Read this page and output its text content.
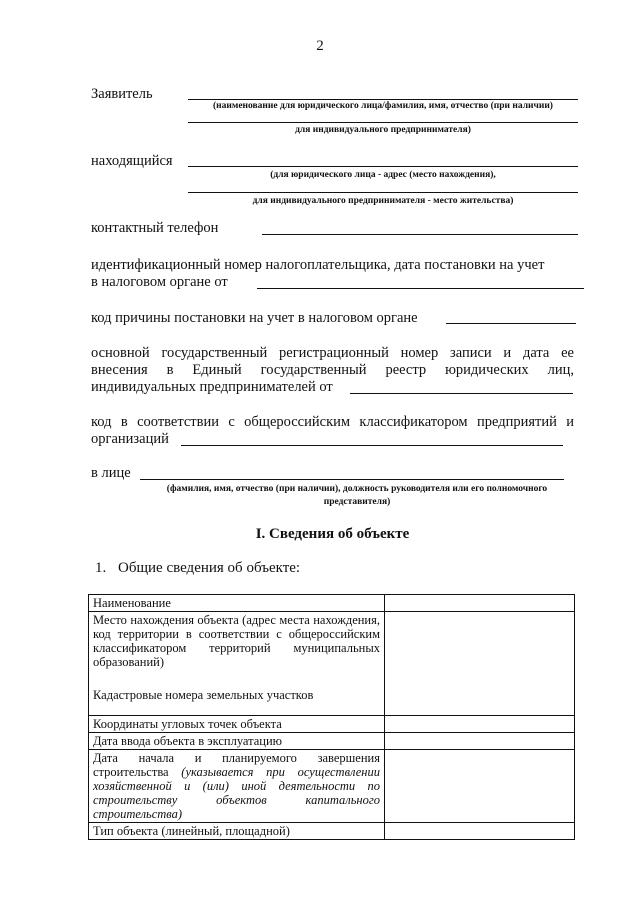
2
Заявитель
(наименование для юридического лица/фамилия, имя, отчество (при наличии)
для индивидуального предпринимателя)
находящийся
(для юридического лица - адрес (место нахождения),
для индивидуального предпринимателя - место жительства)
контактный телефон
идентификационный номер налогоплательщика, дата постановки на учет
в налоговом органе от
код причины постановки на учет в налоговом органе
основной государственный регистрационный номер записи и дата ее
внесения в Единый государственный реестр юридических лиц,
индивидуальных предпринимателей от
код в соответствии с общероссийским классификатором предприятий и
организаций
в лице
(фамилия, имя, отчество (при наличии), должность руководителя или его полномочного
представителя)
I. Сведения об объекте
1. Общие сведения об объекте:
Наименование	

Место нахождения объекта (адрес места нахождения, код территории в соответствии с общероссийским классификатором территорий муниципальных образований)
Кадастровые номера земельных участков	

Координаты угловых точек объекта	
Дата ввода объекта в эксплуатацию	
Дата начала и планируемого завершения строительства (указывается при осуществлении хозяйственной и (или) иной деятельности по строительству объектов капитального строительства)	
Тип объекта (линейный, площадной)	
